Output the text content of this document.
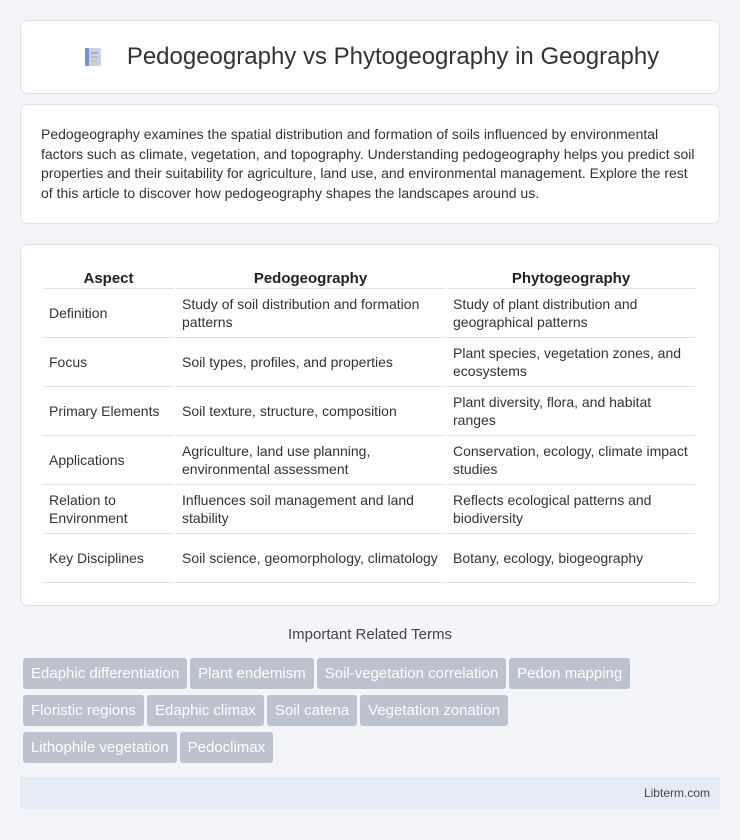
Pedogeography vs Phytogeography in Geography

Pedogeography examines the spatial distribution and formation of soils influenced by environmental factors such as climate, vegetation, and topography. Understanding pedogeography helps you predict soil properties and their suitability for agriculture, land use, and environmental management. Explore the rest of this article to discover how pedogeography shapes the landscapes around us.

Aspect	Pedogeography	Phytogeography
Definition	Study of soil distribution and formation patterns	Study of plant distribution and geographical patterns
Focus	Soil types, profiles, and properties	Plant species, vegetation zones, and ecosystems
Primary Elements	Soil texture, structure, composition	Plant diversity, flora, and habitat ranges
Applications	Agriculture, land use planning, environmental assessment	Conservation, ecology, climate impact studies
Relation to Environment	Influences soil management and land stability	Reflects ecological patterns and biodiversity
Key Disciplines	Soil science, geomorphology, climatology	Botany, ecology, biogeography
Important Related Terms
Edaphic differentiation Plant endemism Soil-vegetation correlation Pedon mapping
Floristic regions Edaphic climax Soil catena Vegetation zonation
Lithophile vegetation Pedoclimax
Libterm.com
